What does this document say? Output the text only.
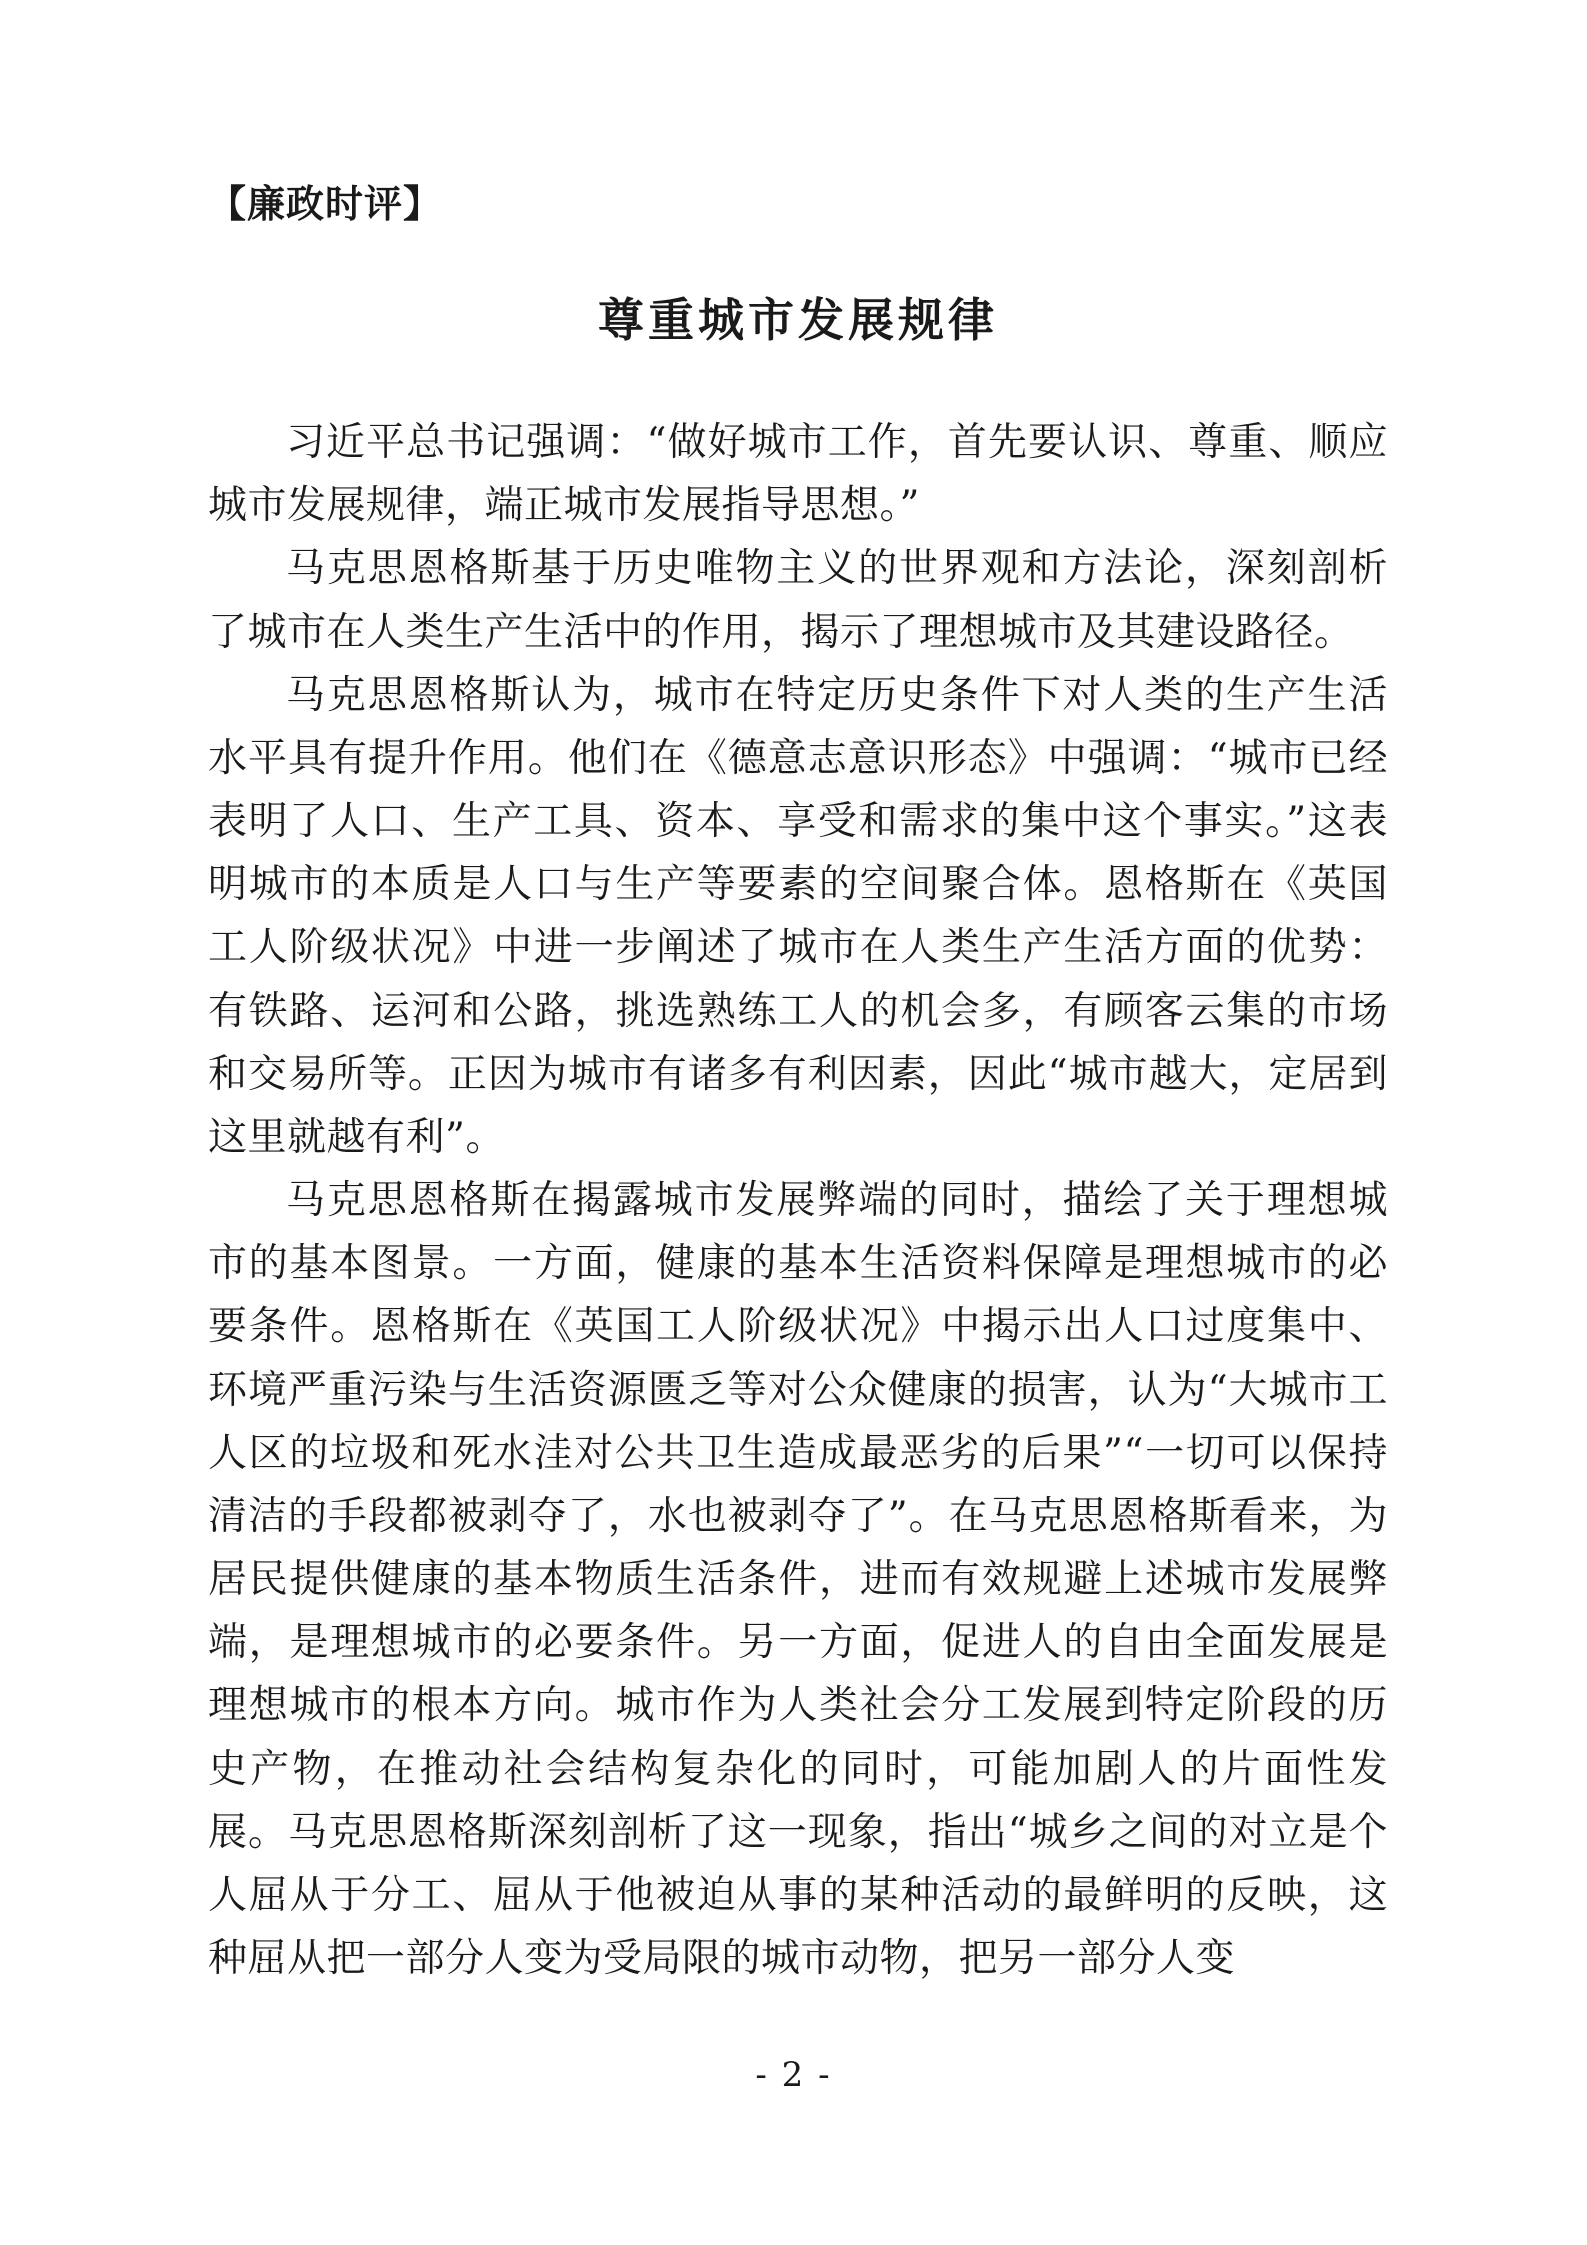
【廉政时评】
尊重城市发展规律

习近平总书记强调：“做好城市工作，首先要认识、尊重、顺应城市发展规律，端正城市发展指导思想。”

马克思恩格斯基于历史唯物主义的世界观和方法论，深刻剖析了城市在人类生产生活中的作用，揭示了理想城市及其建设路径。

马克思恩格斯认为，城市在特定历史条件下对人类的生产生活水平具有提升作用。他们在《德意志意识形态》中强调：“城市已经表明了人口、生产工具、资本、享受和需求的集中这个事实。”这表明城市的本质是人口与生产等要素的空间聚合体。恩格斯在《英国工人阶级状况》中进一步阐述了城市在人类生产生活方面的优势：有铁路、运河和公路，挑选熟练工人的机会多，有顾客云集的市场和交易所等。正因为城市有诸多有利因素，因此“城市越大，定居到这里就越有利”。

马克思恩格斯在揭露城市发展弊端的同时，描绘了关于理想城市的基本图景。一方面，健康的基本生活资料保障是理想城市的必要条件。恩格斯在《英国工人阶级状况》中揭示出人口过度集中、环境严重污染与生活资源匮乏等对公众健康的损害，认为“大城市工人区的垃圾和死水洼对公共卫生造成最恶劣的后果”“一切可以保持清洁的手段都被剥夺了，水也被剥夺了”。在马克思恩格斯看来，为居民提供健康的基本物质生活条件，进而有效规避上述城市发展弊端，是理想城市的必要条件。另一方面，促进人的自由全面发展是理想城市的根本方向。城市作为人类社会分工发展到特定阶段的历史产物，在推动社会结构复杂化的同时，可能加剧人的片面性发展。马克思恩格斯深刻剖析了这一现象，指出“城乡之间的对立是个人屈从于分工、屈从于他被迫从事的某种活动的最鲜明的反映，这种屈从把一部分人变为受局限的城市动物，把另一部分人变

- 2 -
